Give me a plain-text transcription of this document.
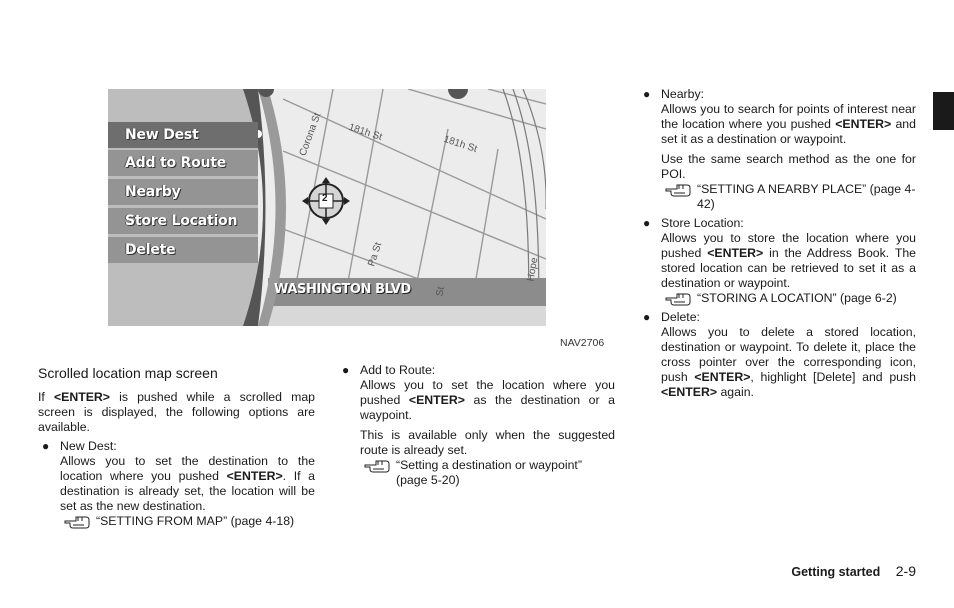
New Dest
Add to Route
Nearby
Store Location
Delete
WASHINGTON BLVD
Corona St 181h St
181h St
Pa St
Hope
St
2
NAV2706
Scrolled location map screen

If <ENTER> is pushed while a scrolled map screen is displayed, the following options are available.

● New Dest:

Allows you to set the destination to the location where you pushed <ENTER>. If a destination is already set, the location will be set as the new destination.

“SETTING FROM MAP” (page 4-18)
● Add to Route:

Allows you to set the location where you pushed <ENTER> as the destination or a waypoint.

This is available only when the suggested route is already set.

“Setting a destination or waypoint” (page 5-20)
● Nearby:

Allows you to search for points of interest near the location where you pushed <ENTER> and set it as a destination or waypoint.

Use the same search method as the one for POI.

“SETTING A NEARBY PLACE” (page 4-42)
● Store Location:

Allows you to store the location where you pushed <ENTER> in the Address Book. The stored location can be retrieved to set it as a destination or waypoint.

“STORING A LOCATION” (page 6-2)
● Delete:

Allows you to delete a stored location, destination or waypoint. To delete it, place the cross pointer over the corresponding icon, push <ENTER>, highlight [Delete] and push <ENTER> again.

Getting started 2-9
